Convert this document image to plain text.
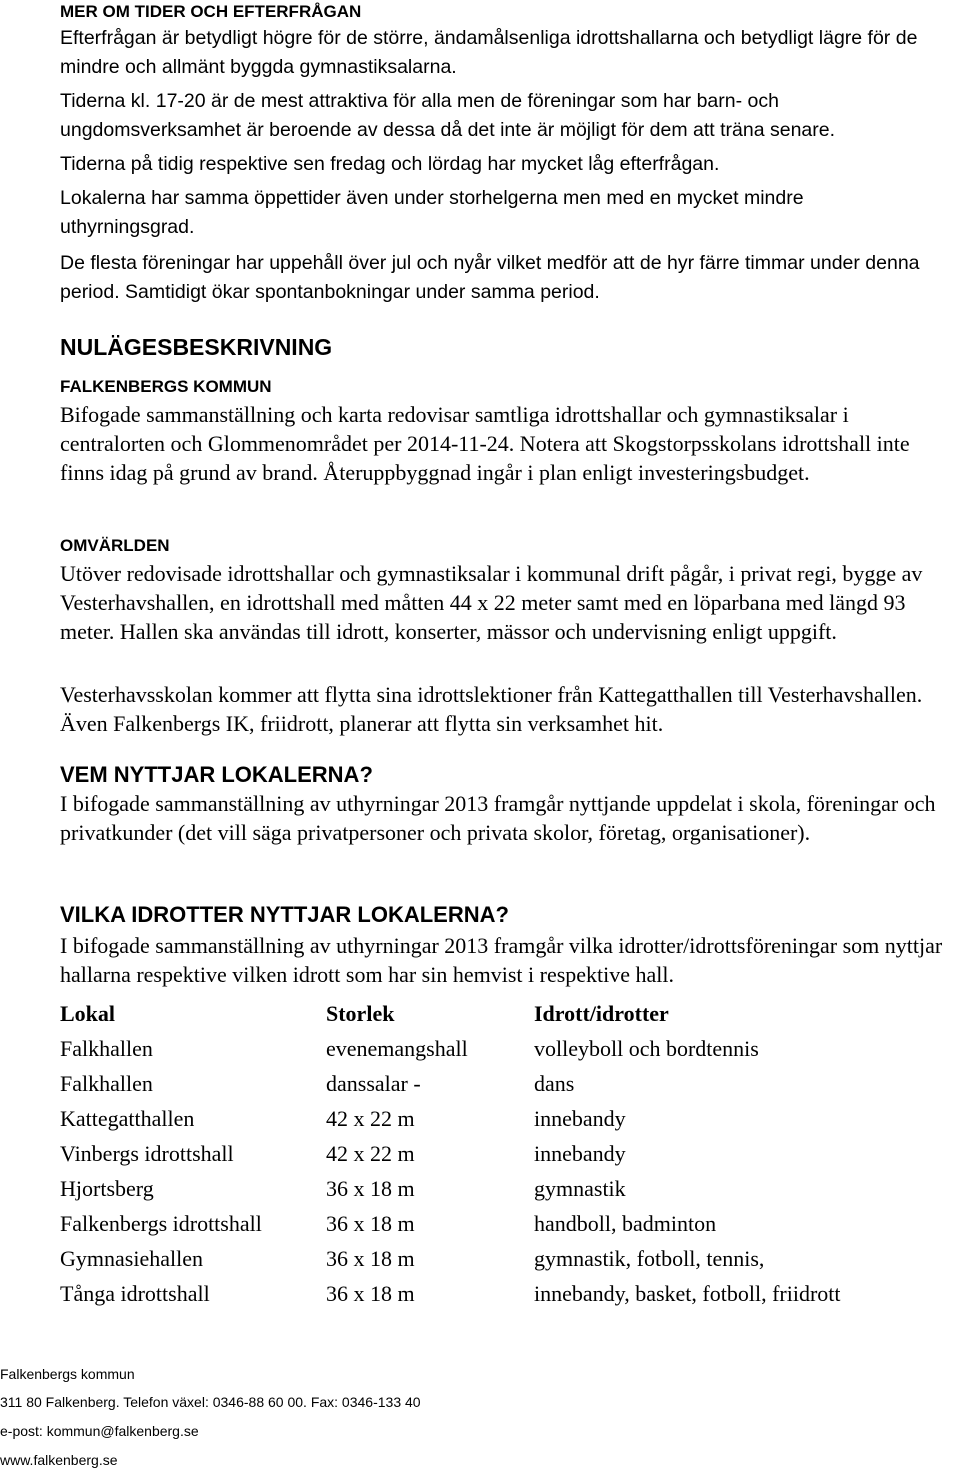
MER OM TIDER OCH EFTERFRÅGAN

Efterfrågan är betydligt högre för de större, ändamålsenliga idrottshallarna och betydligt lägre för de mindre och allmänt byggda gymnastiksalarna.

Tiderna kl. 17-20 är de mest attraktiva för alla men de föreningar som har barn- och ungdomsverksamhet är beroende av dessa då det inte är möjligt för dem att träna senare.

Tiderna på tidig respektive sen fredag och lördag har mycket låg efterfrågan.

Lokalerna har samma öppettider även under storhelgerna men med en mycket mindre uthyrningsgrad.

De flesta föreningar har uppehåll över jul och nyår vilket medför att de hyr färre timmar under denna period. Samtidigt ökar spontanbokningar under samma period.

NULÄGESBESKRIVNING
FALKENBERGS KOMMUN

Bifogade sammanställning och karta redovisar samtliga idrottshallar och gymnastiksalar i centralorten och Glommenområdet per 2014-11-24. Notera att Skogstorpsskolans idrottshall inte finns idag på grund av brand. Återuppbyggnad ingår i plan enligt investeringsbudget.

OMVÄRLDEN

Utöver redovisade idrottshallar och gymnastiksalar i kommunal drift pågår, i privat regi, bygge av Vesterhavshallen, en idrottshall med måtten 44 x 22 meter samt med en löparbana med längd 93 meter. Hallen ska användas till idrott, konserter, mässor och undervisning enligt uppgift.

Vesterhavsskolan kommer att flytta sina idrottslektioner från Kattegatthallen till Vesterhavshallen. Även Falkenbergs IK, friidrott, planerar att flytta sin verksamhet hit.

VEM NYTTJAR LOKALERNA?

I bifogade sammanställning av uthyrningar 2013 framgår nyttjande uppdelat i skola, föreningar och privatkunder (det vill säga privatpersoner och privata skolor, företag, organisationer).

VILKA IDROTTER NYTTJAR LOKALERNA?

I bifogade sammanställning av uthyrningar 2013 framgår vilka idrotter/idrottsföreningar som nyttjar hallarna respektive vilken idrott som har sin hemvist i respektive hall.

Lokal	Storlek	Idrott/idrotter
Falkhallen	evenemangshall	volleyboll och bordtennis
Falkhallen	danssalar -	dans
Kattegatthallen	42 x 22 m	innebandy
Vinbergs idrottshall	42 x 22 m	innebandy
Hjortsberg	36 x 18 m	gymnastik
Falkenbergs idrottshall	36 x 18 m	handboll, badminton
Gymnasiehallen	36 x 18 m	gymnastik, fotboll, tennis,
Tånga idrottshall	36 x 18 m	innebandy, basket, fotboll, friidrott

Falkenbergs kommun

311 80 Falkenberg. Telefon växel: 0346-88 60 00. Fax: 0346-133 40

e-post: kommun@falkenberg.se

www.falkenberg.se
